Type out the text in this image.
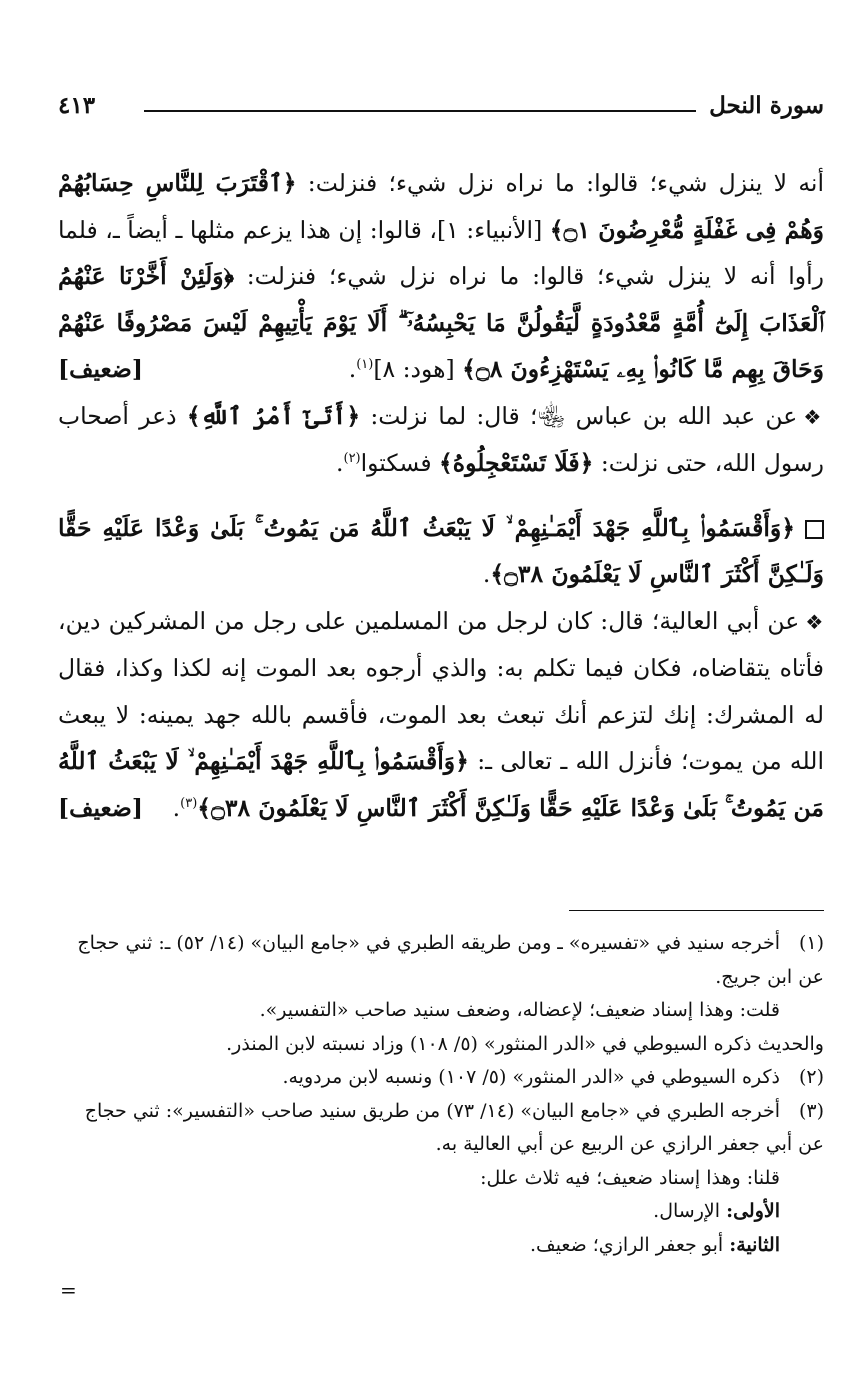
سورة النحل
٤١٣

أنه لا ينزل شيء؛ قالوا: ما نراه نزل شيء؛ فنزلت: ﴿ٱقْتَرَبَ لِلنَّاسِ حِسَابُهُمْ وَهُمْ فِى غَفْلَةٍ مُّعْرِضُونَ ۝١﴾ [الأنبياء: ١]، قالوا: إن هذا يزعم مثلها ـ أيضاً ـ، فلما رأوا أنه لا ينزل شيء؛ قالوا: ما نراه نزل شيء؛ فنزلت: ﴿وَلَئِنْ أَخَّرْنَا عَنْهُمُ ٱلْعَذَابَ إِلَىٰٓ أُمَّةٍ مَّعْدُودَةٍ لَّيَقُولُنَّ مَا يَحْبِسُهُۥٓ ۗ أَلَا يَوْمَ يَأْتِيهِمْ لَيْسَ مَصْرُوفًا عَنْهُمْ وَحَاقَ بِهِم مَّا كَانُوا۟ بِهِۦ يَسْتَهْزِءُونَ ۝٨﴾ [هود: ٨]$^{(١)}$.
[ضعيف]

❖عن عبد الله بن عباس ﵄؛ قال: لما نزلت: ﴿أَتَىٰٓ أَمْرُ ٱللَّهِ﴾ ذعر أصحاب رسول الله، حتى نزلت: ﴿فَلَا تَسْتَعْجِلُوهُ﴾ فسكتوا$^{(٢)}$.

﴿وَأَقْسَمُوا۟ بِٱللَّهِ جَهْدَ أَيْمَـٰنِهِمْ ۙ لَا يَبْعَثُ ٱللَّهُ مَن يَمُوتُ ۚ بَلَىٰ وَعْدًا عَلَيْهِ حَقًّا وَلَـٰكِنَّ أَكْثَرَ ٱلنَّاسِ لَا يَعْلَمُونَ ۝٣٨﴾.

❖عن أبي العالية؛ قال: كان لرجل من المسلمين على رجل من المشركين دين، فأتاه يتقاضاه، فكان فيما تكلم به: والذي أرجوه بعد الموت إنه لكذا وكذا، فقال له المشرك: إنك لتزعم أنك تبعث بعد الموت، فأقسم بالله جهد يمينه: لا يبعث الله من يموت؛ فأنزل الله ـ تعالى ـ: ﴿وَأَقْسَمُوا۟ بِٱللَّهِ جَهْدَ أَيْمَـٰنِهِمْ ۙ لَا يَبْعَثُ ٱللَّهُ مَن يَمُوتُ ۚ بَلَىٰ وَعْدًا عَلَيْهِ حَقًّا وَلَـٰكِنَّ أَكْثَرَ ٱلنَّاسِ لَا يَعْلَمُونَ ۝٣٨﴾$^{(٣)}$.
[ضعيف]

(١)أخرجه سنيد في «تفسيره» ـ ومن طريقه الطبري في «جامع البيان» (١٤/ ٥٢) ـ: ثني حجاج عن ابن جريج.

قلت: وهذا إسناد ضعيف؛ لإعضاله، وضعف سنيد صاحب «التفسير».

والحديث ذكره السيوطي في «الدر المنثور» (٥/ ١٠٨) وزاد نسبته لابن المنذر.

(٢)ذكره السيوطي في «الدر المنثور» (٥/ ١٠٧) ونسبه لابن مردويه.

(٣)أخرجه الطبري في «جامع البيان» (١٤/ ٧٣) من طريق سنيد صاحب «التفسير»: ثني حجاج عن أبي جعفر الرازي عن الربيع عن أبي العالية به.

قلنا: وهذا إسناد ضعيف؛ فيه ثلاث علل:

الأولى: الإرسال.

الثانية: أبو جعفر الرازي؛ ضعيف.

=
